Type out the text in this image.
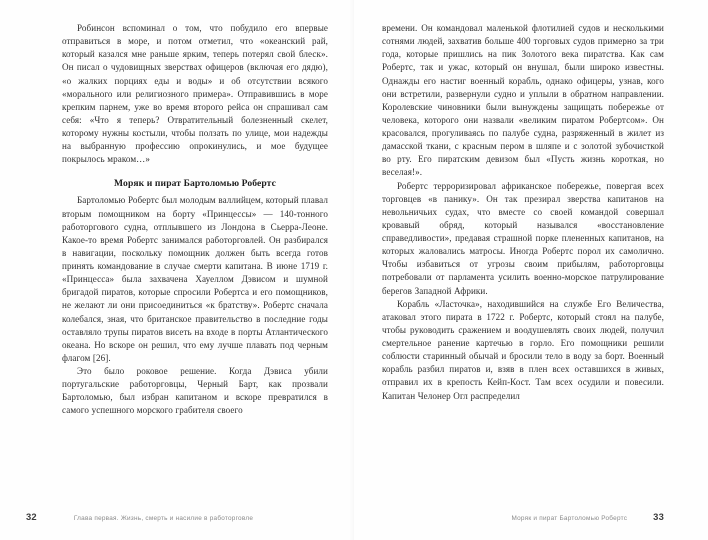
Робинсон вспоминал о том, что побудило его впервые отправиться в море, и потом отметил, что «океанский рай, который казался мне раньше ярким, теперь потерял свой блеск». Он писал о чудовищных зверствах офицеров (включая его дядю), «о жалких порциях еды и воды» и об отсутствии всякого «морального или религиозного примера». Отправившись в море крепким парнем, уже во время второго рейса он спрашивал сам себя: «Что я теперь? Отвратительный болезненный скелет, которому нужны костыли, чтобы ползать по улице, мои надежды на выбранную профессию опрокинулись, и мое будущее покрылось мраком…»

Моряк и пират Бартоломью Робертс

Бартоломью Робертс был молодым валлийцем, который плавал вторым помощником на борту «Принцессы» — 140-тонного работоргового судна, отплывшего из Лондона в Сьерра-Леоне. Какое-то время Робертс занимался работорговлей. Он разбирался в навигации, поскольку помощник должен быть всегда готов принять командование в случае смерти капитана. В июне 1719 г. «Принцесса» была захвачена Хауеллом Дэвисом и шумной бригадой пиратов, которые спросили Робертса и его помощников, не желают ли они присоединиться «к братству». Робертс сначала колебался, зная, что британское правительство в последние годы оставляло трупы пиратов висеть на входе в порты Атлантического океана. Но вскоре он решил, что ему лучше плавать под черным флагом [26].

Это было роковое решение. Когда Дэвиса убили португальские работорговцы, Черный Барт, как прозвали Бартоломью, был избран капитаном и вскоре превратился в самого успешного морского грабителя своего

32	Глава первая. Жизнь, смерть и насилие в работорговле

времени. Он командовал маленькой флотилией судов и несколькими сотнями людей, захватив больше 400 торговых судов примерно за три года, которые пришлись на пик Золотого века пиратства. Как сам Робертс, так и ужас, который он внушал, были широко известны. Однажды его настиг военный корабль, однако офицеры, узнав, кого они встретили, развернули судно и уплыли в обратном направлении. Королевские чиновники были вынуждены защищать побережье от человека, которого они назвали «великим пиратом Робертсом». Он красовался, прогуливаясь по палубе судна, разряженный в жилет из дамасской ткани, с красным пером в шляпе и с золотой зубочисткой во рту. Его пиратским девизом был «Пусть жизнь короткая, но веселая!».

Робертс терроризировал африканское побережье, повергая всех торговцев «в панику». Он так презирал зверства капитанов на невольничьих судах, что вместе со своей командой совершал кровавый обряд, который назывался «восстановление справедливости», предавая страшной порке пленeнных капитанов, на которых жаловались матросы. Иногда Робертс порол их самолично. Чтобы избавиться от угрозы своим прибылям, работорговцы потребовали от парламента усилить военно-морское патрулирование берегов Западной Африки.

Корабль «Ласточка», находившийся на службе Его Величества, атаковал этого пирата в 1722 г. Робертс, который стоял на палубе, чтобы руководить сражением и воодушевлять своих людей, получил смертельное ранение картечью в горло. Его помощники решили соблюсти старинный обычай и бросили тело в воду за борт. Военный корабль разбил пиратов и, взяв в плен всех оставшихся в живых, отправил их в крепость Кейп-Кост. Там всех осудили и повесили. Капитан Челонер Огл распределил

Моряк и пират Бартоломью Робертс	33
